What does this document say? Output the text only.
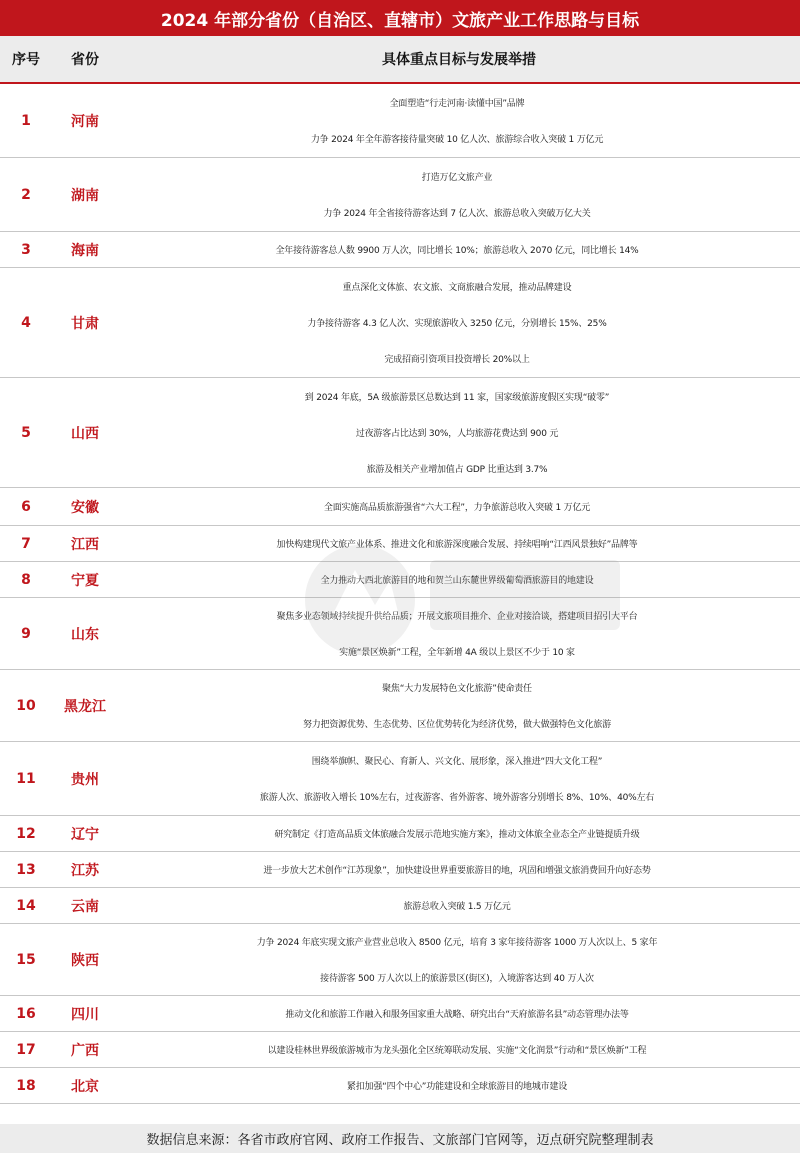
2024 年部分省份（自治区、直辖市）文旅产业工作思路与目标
序号	省份	具体重点目标与发展举措
1	河南
全面塑造“行走河南·读懂中国”品牌
力争 2024 年全年游客接待量突破 10 亿人次、旅游综合收入突破 1 万亿元
2	湖南
打造万亿文旅产业
力争 2024 年全省接待游客达到 7 亿人次、旅游总收入突破万亿大关
3	海南	全年接待游客总人数 9900 万人次，同比增长 10%；旅游总收入 2070 亿元，同比增长 14%
4	甘肃
重点深化文体旅、农文旅、文商旅融合发展，推动品牌建设
力争接待游客 4.3 亿人次、实现旅游收入 3250 亿元，分别增长 15%、25%
完成招商引资项目投资增长 20%以上
5	山西
到 2024 年底，5A 级旅游景区总数达到 11 家，国家级旅游度假区实现“破零”
过夜游客占比达到 30%，人均旅游花费达到 900 元
旅游及相关产业增加值占 GDP 比重达到 3.7%
6	安徽	全面实施高品质旅游强省“六大工程”，力争旅游总收入突破 1 万亿元
7	江西	加快构建现代文旅产业体系、推进文化和旅游深度融合发展、持续唱响“江西风景独好”品牌等
8	宁夏	全力推动大西北旅游目的地和贺兰山东麓世界级葡萄酒旅游目的地建设
9	山东
聚焦多业态领域持续提升供给品质；开展文旅项目推介、企业对接洽谈，搭建项目招引大平台
实施“景区焕新”工程，全年新增 4A 级以上景区不少于 10 家
10	黑龙江
聚焦“大力发展特色文化旅游”使命责任
努力把资源优势、生态优势、区位优势转化为经济优势，做大做强特色文化旅游
11	贵州
围绕举旗帜、聚民心、育新人、兴文化、展形象，深入推进“四大文化工程”
旅游人次、旅游收入增长 10%左右，过夜游客、省外游客、境外游客分别增长 8%、10%、40%左右
12	辽宁	研究制定《打造高品质文体旅融合发展示范地实施方案》，推动文体旅全业态全产业链提质升级
13	江苏	进一步放大艺术创作“江苏现象”，加快建设世界重要旅游目的地，巩固和增强文旅消费回升向好态势
14	云南	旅游总收入突破 1.5 万亿元
15	陕西
力争 2024 年底实现文旅产业营业总收入 8500 亿元，培育 3 家年接待游客 1000 万人次以上、5 家年
接待游客 500 万人次以上的旅游景区(街区)，入境游客达到 40 万人次
16	四川	推动文化和旅游工作融入和服务国家重大战略、研究出台“天府旅游名县”动态管理办法等
17	广西	以建设桂林世界级旅游城市为龙头强化全区统筹联动发展、实施“文化润景”行动和“景区焕新”工程
18	北京	紧扣加强“四个中心”功能建设和全球旅游目的地城市建设
数据信息来源：各省市政府官网、政府工作报告、文旅部门官网等，迈点研究院整理制表
